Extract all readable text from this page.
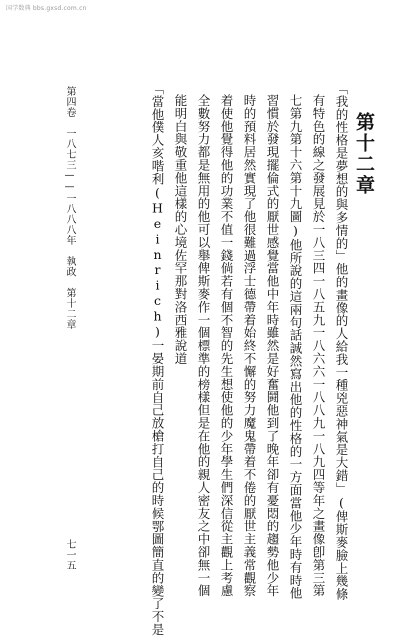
国学数典 bbs.gxsd.com.cn
第十二章
「我的性格是夢想的與多情的」他的畫像的人給我一種兇惡神氣是大錯」(俾斯麥臉上幾條
有特色的線之發展見於一八三四一八五九一八六六一八八九一八九四等年之畫像卽第三第
七第九第十六第十九圖)他所說的這兩句話誠然寫出他的性格的一方面當他少年時有時他
習慣於發現擺倫式的厭世感覺當他中年時雖然是好奮鬪他到了晚年卻有憂悶的趨勢他少年
時的預料居然實現了他很難過浮士德帶着始終不懈的努力魔鬼帶着不倦的厭世主義常觀察
着使他覺得他的功業不值一錢倘若有個不智的先生想使他的少年學生們深信從主觀上考慮
全數努力都是無用的他可以舉俾斯麥作一個標準的榜樣但是在他的親人密友之中卻無一個
能明白與敬重他這樣的心境佐罕那對洛西雅說道
「當他僕人亥喈利(Heinrich)一晏期前自己放槍打自己的時候鄂圖簡直的變了不是
第四卷　一八七三——一八八八年　執政　第十二章
七一五
